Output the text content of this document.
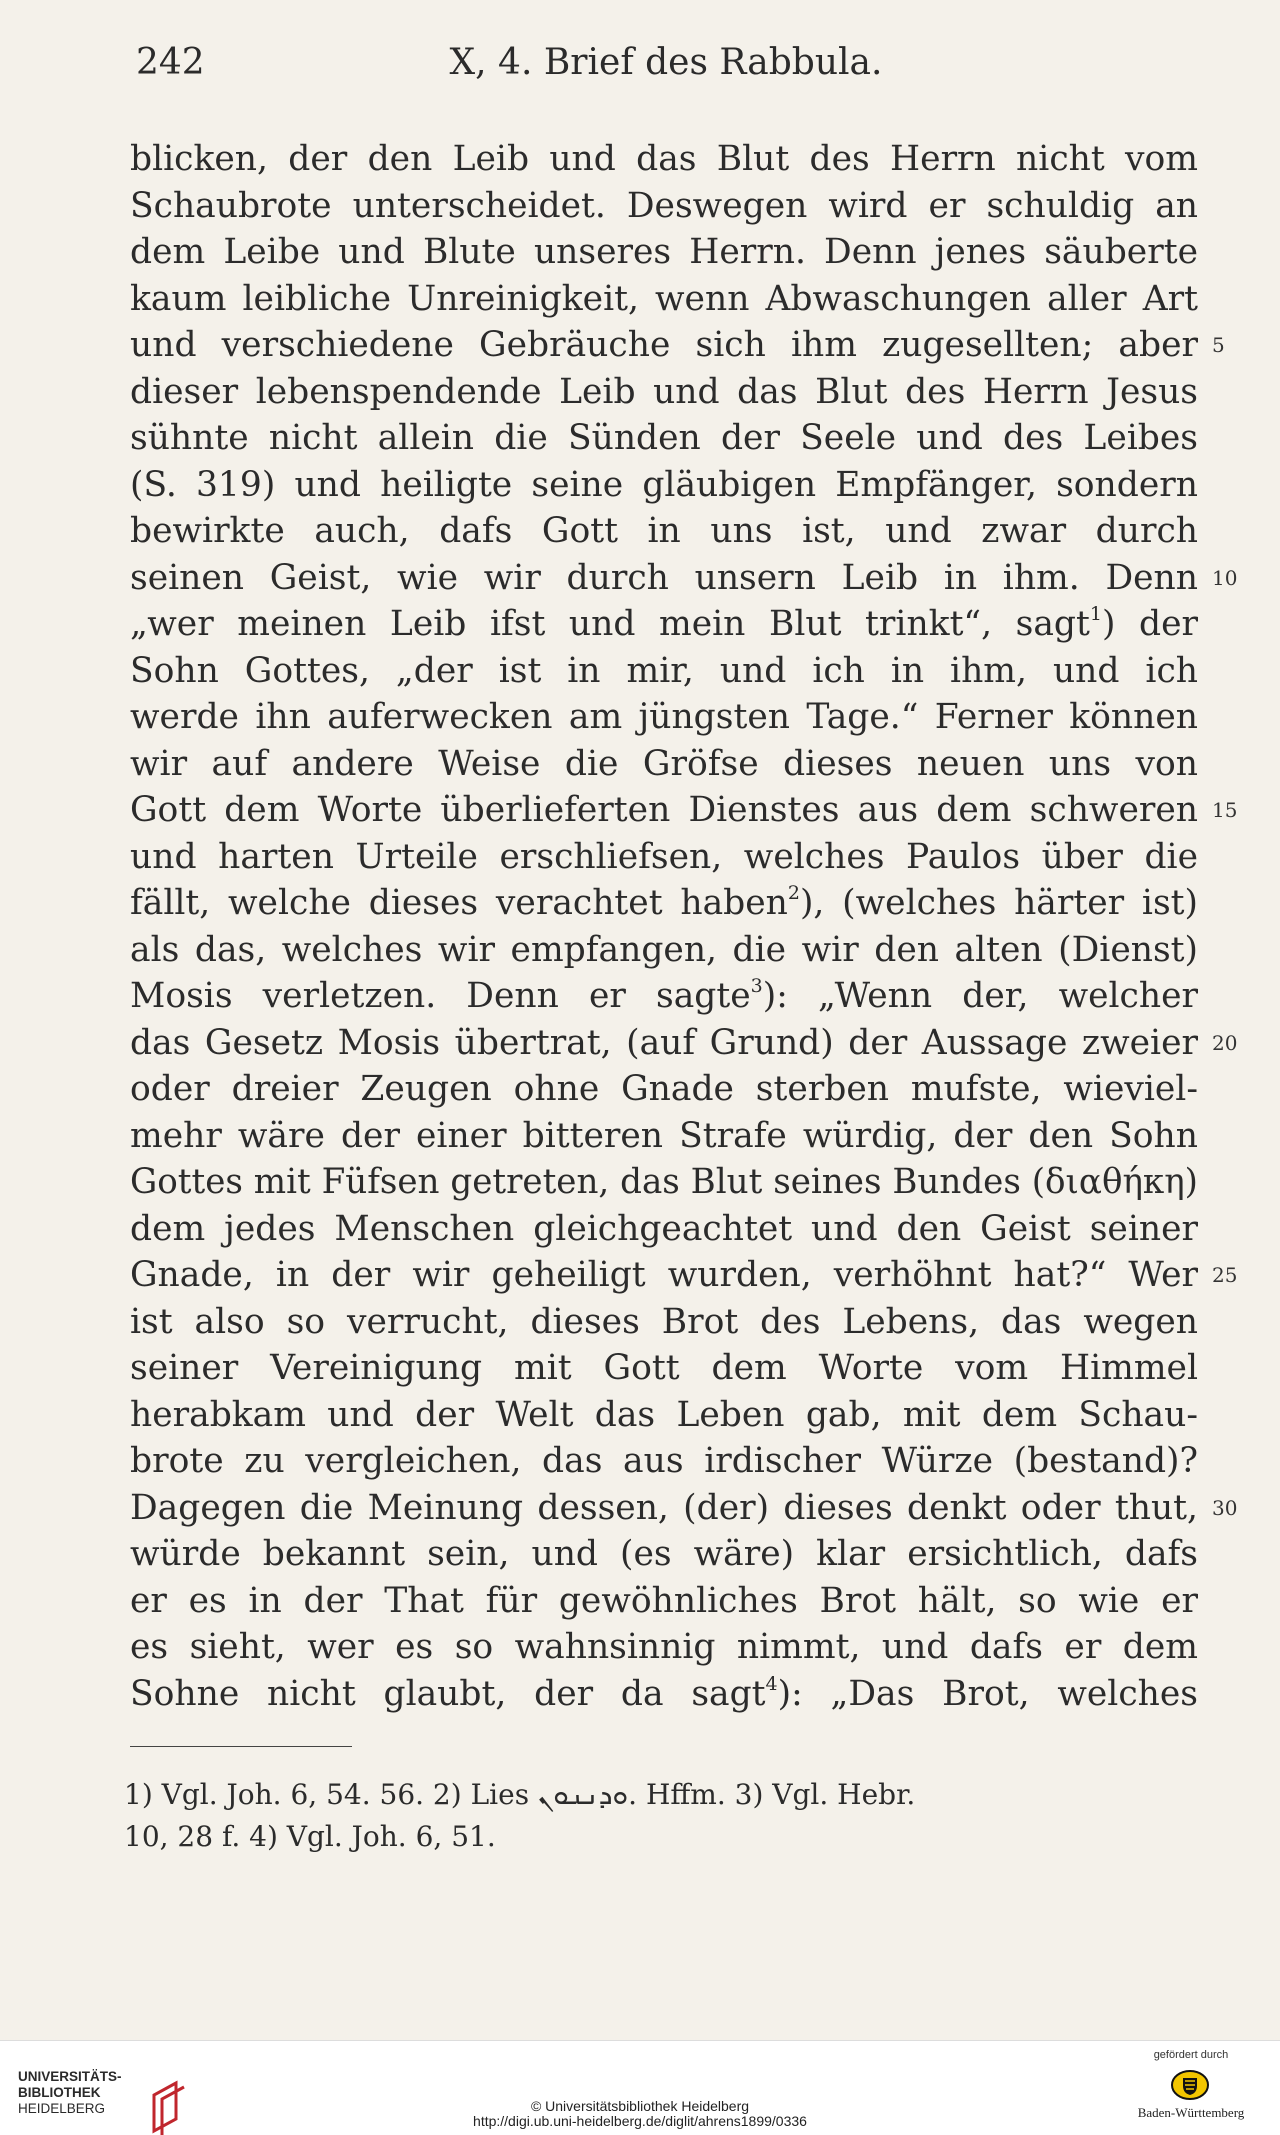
242	X, 4. Brief des Rabbula.
blicken, der den Leib und das Blut des Herrn nicht vom
Schaubrote unterscheidet. Deswegen wird er schuldig an
dem Leibe und Blute unseres Herrn. Denn jenes säuberte
kaum leibliche Unreinigkeit, wenn Abwaschungen aller Art
und verschiedene Gebräuche sich ihm zugesellten; aber 5
dieser lebenspendende Leib und das Blut des Herrn Jesus
sühnte nicht allein die Sünden der Seele und des Leibes
(S. 319) und heiligte seine gläubigen Empfänger, sondern
bewirkte auch, dafs Gott in uns ist, und zwar durch
seinen Geist, wie wir durch unsern Leib in ihm. Denn 10
„wer meinen Leib ifst und mein Blut trinkt“, sagt$^1$) der
Sohn Gottes, „der ist in mir, und ich in ihm, und ich
werde ihn auferwecken am jüngsten Tage.“ Ferner können
wir auf andere Weise die Gröfse dieses neuen uns von
Gott dem Worte überlieferten Dienstes aus dem schweren 15
und harten Urteile erschliefsen, welches Paulos über die
fällt, welche dieses verachtet haben$^2$), (welches härter ist)
als das, welches wir empfangen, die wir den alten (Dienst)
Mosis verletzen. Denn er sagte$^3$): „Wenn der, welcher
das Gesetz Mosis übertrat, (auf Grund) der Aussage zweier 20
oder dreier Zeugen ohne Gnade sterben mufste, wieviel-
mehr wäre der einer bitteren Strafe würdig, der den Sohn
Gottes mit Füfsen getreten, das Blut seines Bundes (διαθήκη)
dem jedes Menschen gleichgeachtet und den Geist seiner
Gnade, in der wir geheiligt wurden, verhöhnt hat?“ Wer 25
ist also so verrucht, dieses Brot des Lebens, das wegen
seiner Vereinigung mit Gott dem Worte vom Himmel
herabkam und der Welt das Leben gab, mit dem Schau-
brote zu vergleichen, das aus irdischer Würze (bestand)?
Dagegen die Meinung dessen, (der) dieses denkt oder thut, 30
würde bekannt sein, und (es wäre) klar ersichtlich, dafs
er es in der That für gewöhnliches Brot hält, so wie er
es sieht, wer es so wahnsinnig nimmt, und dafs er dem
Sohne nicht glaubt, der da sagt$^4$): „Das Brot, welches
1) Vgl. Joh. 6, 54. 56. 2) Lies ܘܕܢܢܘܢ. Hffm. 3) Vgl. Hebr.
10, 28 f. 4) Vgl. Joh. 6, 51.
UNIVERSITÄTS-
BIBLIOTHEK
HEIDELBERG	© Universitätsbibliothek Heidelberg
http://digi.ub.uni-heidelberg.de/diglit/ahrens1899/0336
gefördert durch
Baden-Württemberg
